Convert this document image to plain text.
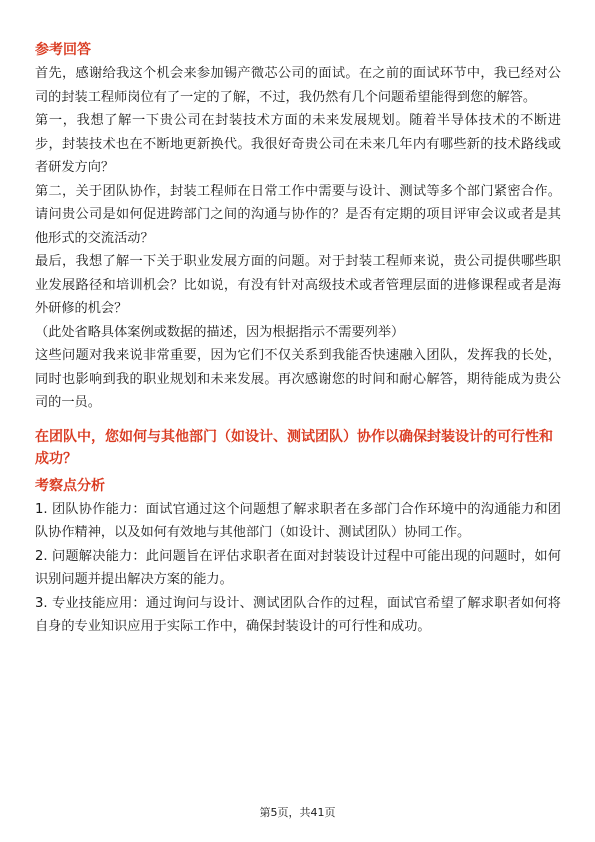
参考回答

首先，感谢给我这个机会来参加锡产微芯公司的面试。在之前的面试环节中，我已经对公司的封装工程师岗位有了一定的了解，不过，我仍然有几个问题希望能得到您的解答。

第一，我想了解一下贵公司在封装技术方面的未来发展规划。随着半导体技术的不断进步，封装技术也在不断地更新换代。我很好奇贵公司在未来几年内有哪些新的技术路线或者研发方向？

第二，关于团队协作，封装工程师在日常工作中需要与设计、测试等多个部门紧密合作。请问贵公司是如何促进跨部门之间的沟通与协作的？是否有定期的项目评审会议或者是其他形式的交流活动？

最后，我想了解一下关于职业发展方面的问题。对于封装工程师来说，贵公司提供哪些职业发展路径和培训机会？比如说，有没有针对高级技术或者管理层面的进修课程或者是海外研修的机会？

（此处省略具体案例或数据的描述，因为根据指示不需要列举）

这些问题对我来说非常重要，因为它们不仅关系到我能否快速融入团队，发挥我的长处，同时也影响到我的职业规划和未来发展。再次感谢您的时间和耐心解答，期待能成为贵公司的一员。

在团队中，您如何与其他部门（如设计、测试团队）协作以确保封装设计的可行性和成功？

考察点分析

1. 团队协作能力：面试官通过这个问题想了解求职者在多部门合作环境中的沟通能力和团队协作精神，以及如何有效地与其他部门（如设计、测试团队）协同工作。

2. 问题解决能力：此问题旨在评估求职者在面对封装设计过程中可能出现的问题时，如何识别问题并提出解决方案的能力。

3. 专业技能应用：通过询问与设计、测试团队合作的过程，面试官希望了解求职者如何将自身的专业知识应用于实际工作中，确保封装设计的可行性和成功。

第5页，共41页
